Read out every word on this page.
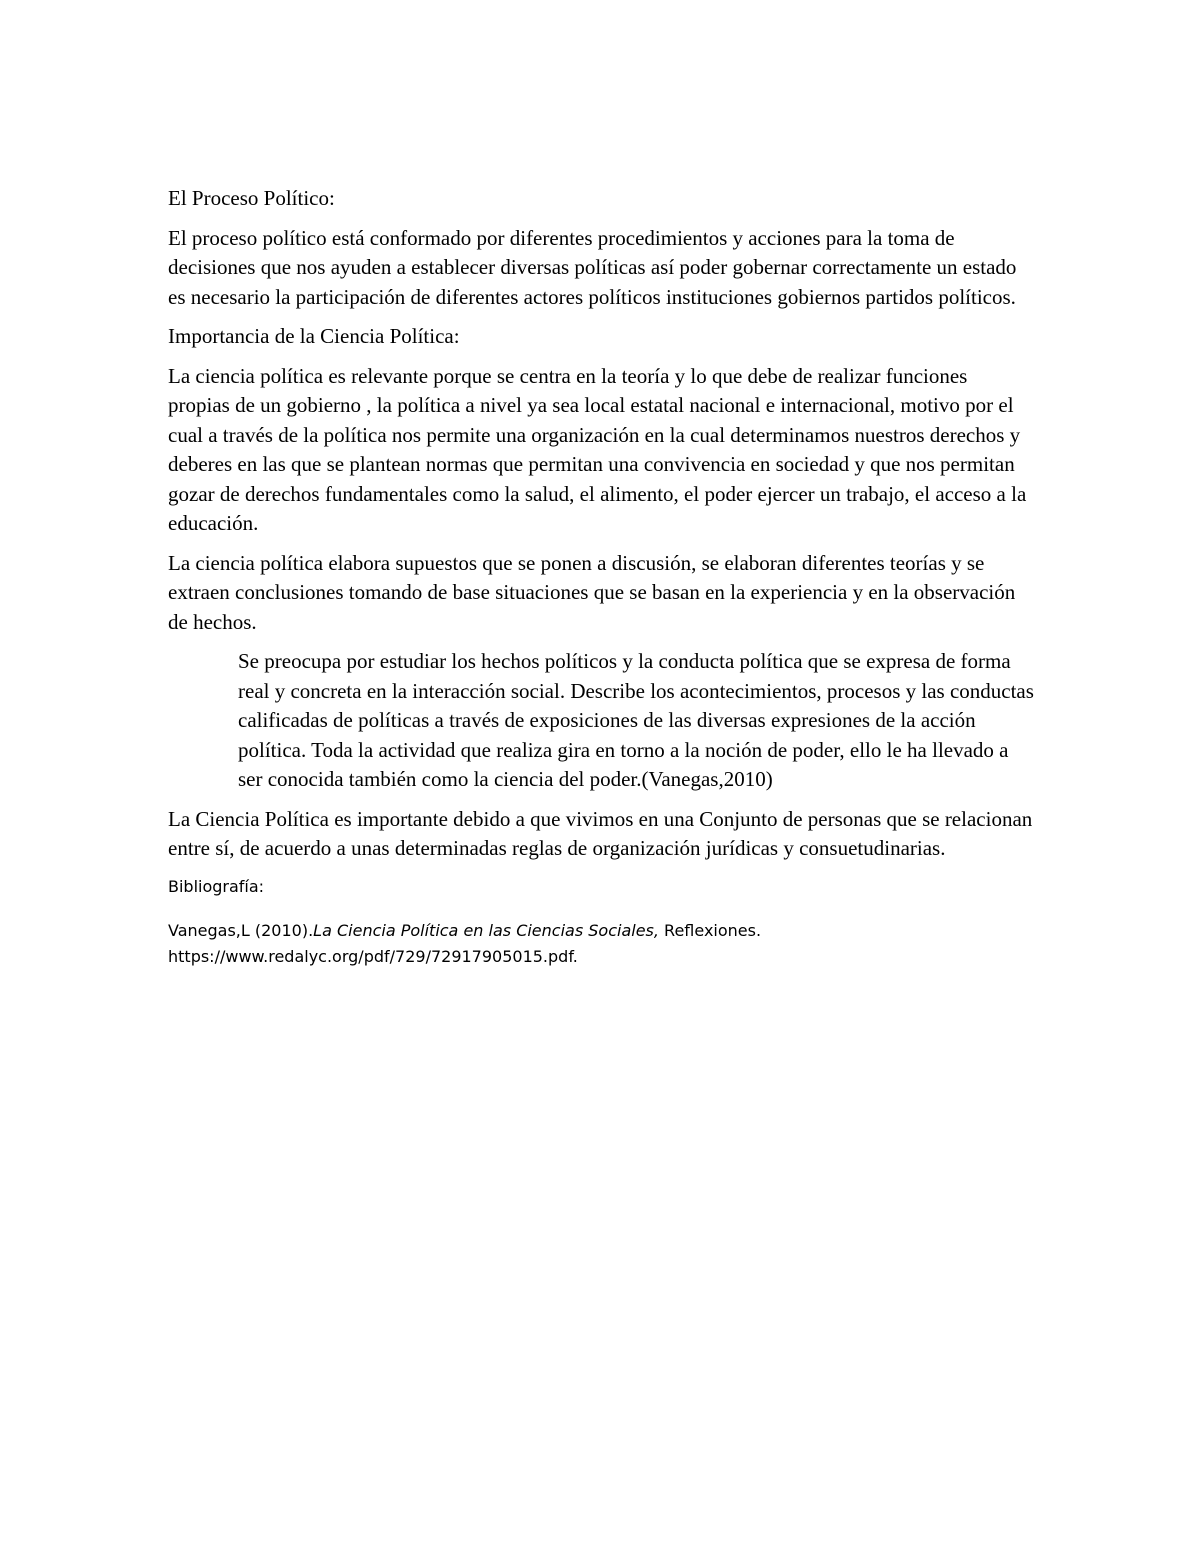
El Proceso Político:

El proceso político está conformado por diferentes procedimientos y acciones para la toma de decisiones que nos ayuden a establecer diversas políticas así poder gobernar correctamente un estado es necesario la participación de diferentes actores políticos instituciones gobiernos partidos políticos.

Importancia de la Ciencia Política:

La ciencia política es relevante porque se centra en la teoría y lo que debe de realizar funciones propias de un gobierno , la política a nivel ya sea local estatal nacional e internacional, motivo por el cual a través de la política nos permite una organización en la cual determinamos nuestros derechos y deberes en las que se plantean normas que permitan una convivencia en sociedad y que nos permitan gozar de derechos fundamentales como la salud, el alimento, el poder ejercer un trabajo, el acceso a la educación.

La ciencia política elabora supuestos que se ponen a discusión, se elaboran diferentes teorías y se extraen conclusiones tomando de base situaciones que se basan en la experiencia y en la observación de hechos.

Se preocupa por estudiar los hechos políticos y la conducta política que se expresa de forma real y concreta en la interacción social. Describe los acontecimientos, procesos y las conductas calificadas de políticas a través de exposiciones de las diversas expresiones de la acción política. Toda la actividad que realiza gira en torno a la noción de poder, ello le ha llevado a ser conocida también como la ciencia del poder.(Vanegas,2010)

La Ciencia Política es importante debido a que vivimos en una Conjunto de personas que se relacionan entre sí, de acuerdo a unas determinadas reglas de organización jurídicas y consuetudinarias.

Bibliografía:

Vanegas,L (2010).La Ciencia Política en las Ciencias Sociales, Reflexiones.
https://www.redalyc.org/pdf/729/72917905015.pdf.
